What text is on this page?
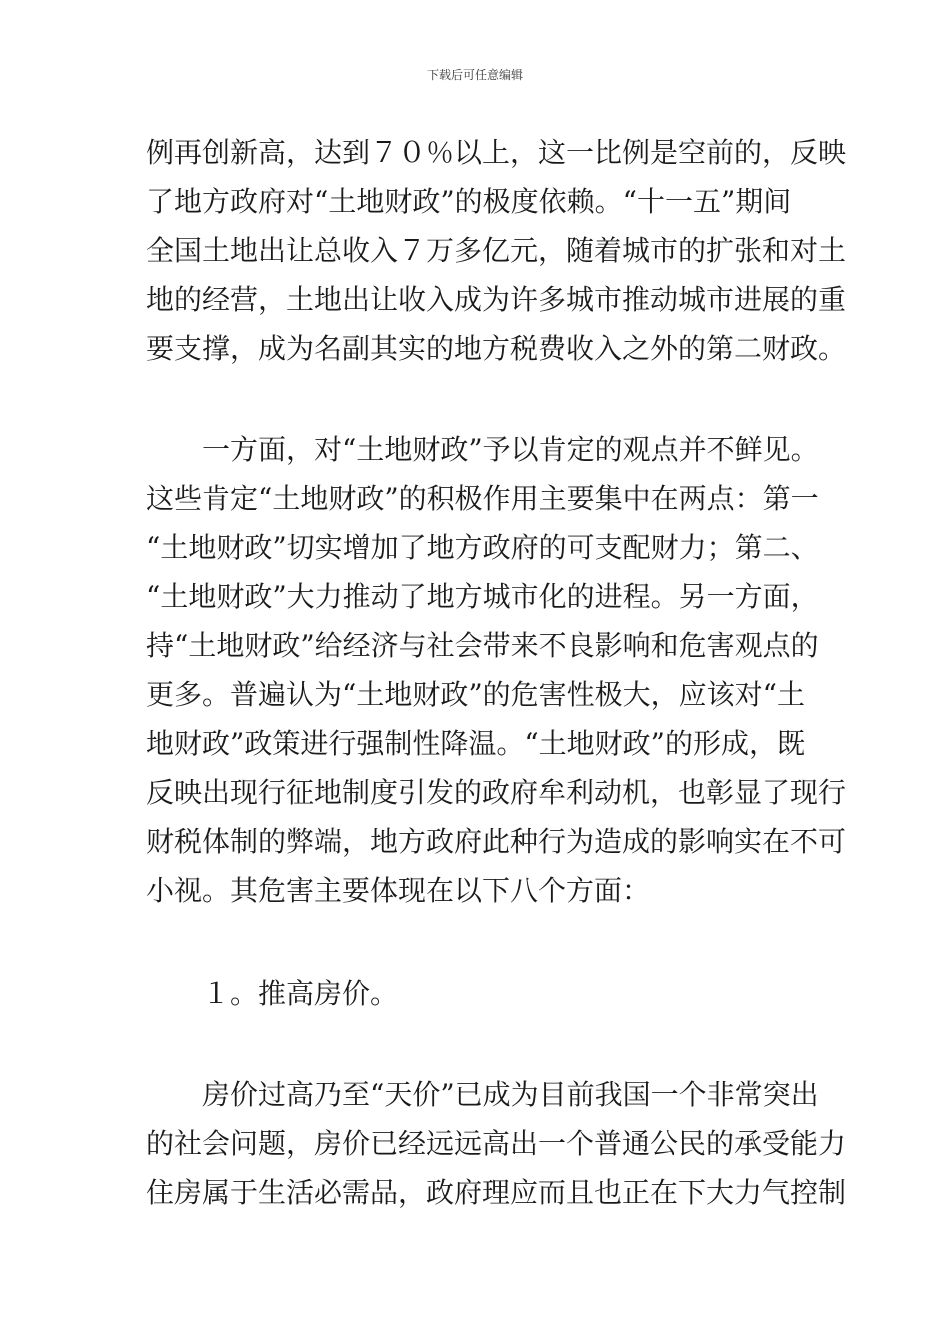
下载后可任意编辑

例再创新高，达到７０％以上，这一比例是空前的，反映
了地方政府对“土地财政”的极度依赖。“十一五”期间
全国土地出让总收入７万多亿元，随着城市的扩张和对土
地的经营，土地出让收入成为许多城市推动城市进展的重
要支撑，成为名副其实的地方税费收入之外的第二财政。

　　一方面，对“土地财政”予以肯定的观点并不鲜见。
这些肯定“土地财政”的积极作用主要集中在两点：第一
“土地财政”切实增加了地方政府的可支配财力；第二、
“土地财政”大力推动了地方城市化的进程。另一方面，
持“土地财政”给经济与社会带来不良影响和危害观点的
更多。普遍认为“土地财政”的危害性极大，应该对“土
地财政”政策进行强制性降温。“土地财政”的形成，既
反映出现行征地制度引发的政府牟利动机，也彰显了现行
财税体制的弊端，地方政府此种行为造成的影响实在不可
小视。其危害主要体现在以下八个方面：

　　１。推高房价。

　　房价过高乃至“天价”已成为目前我国一个非常突出
的社会问题，房价已经远远高出一个普通公民的承受能力
住房属于生活必需品，政府理应而且也正在下大力气控制
